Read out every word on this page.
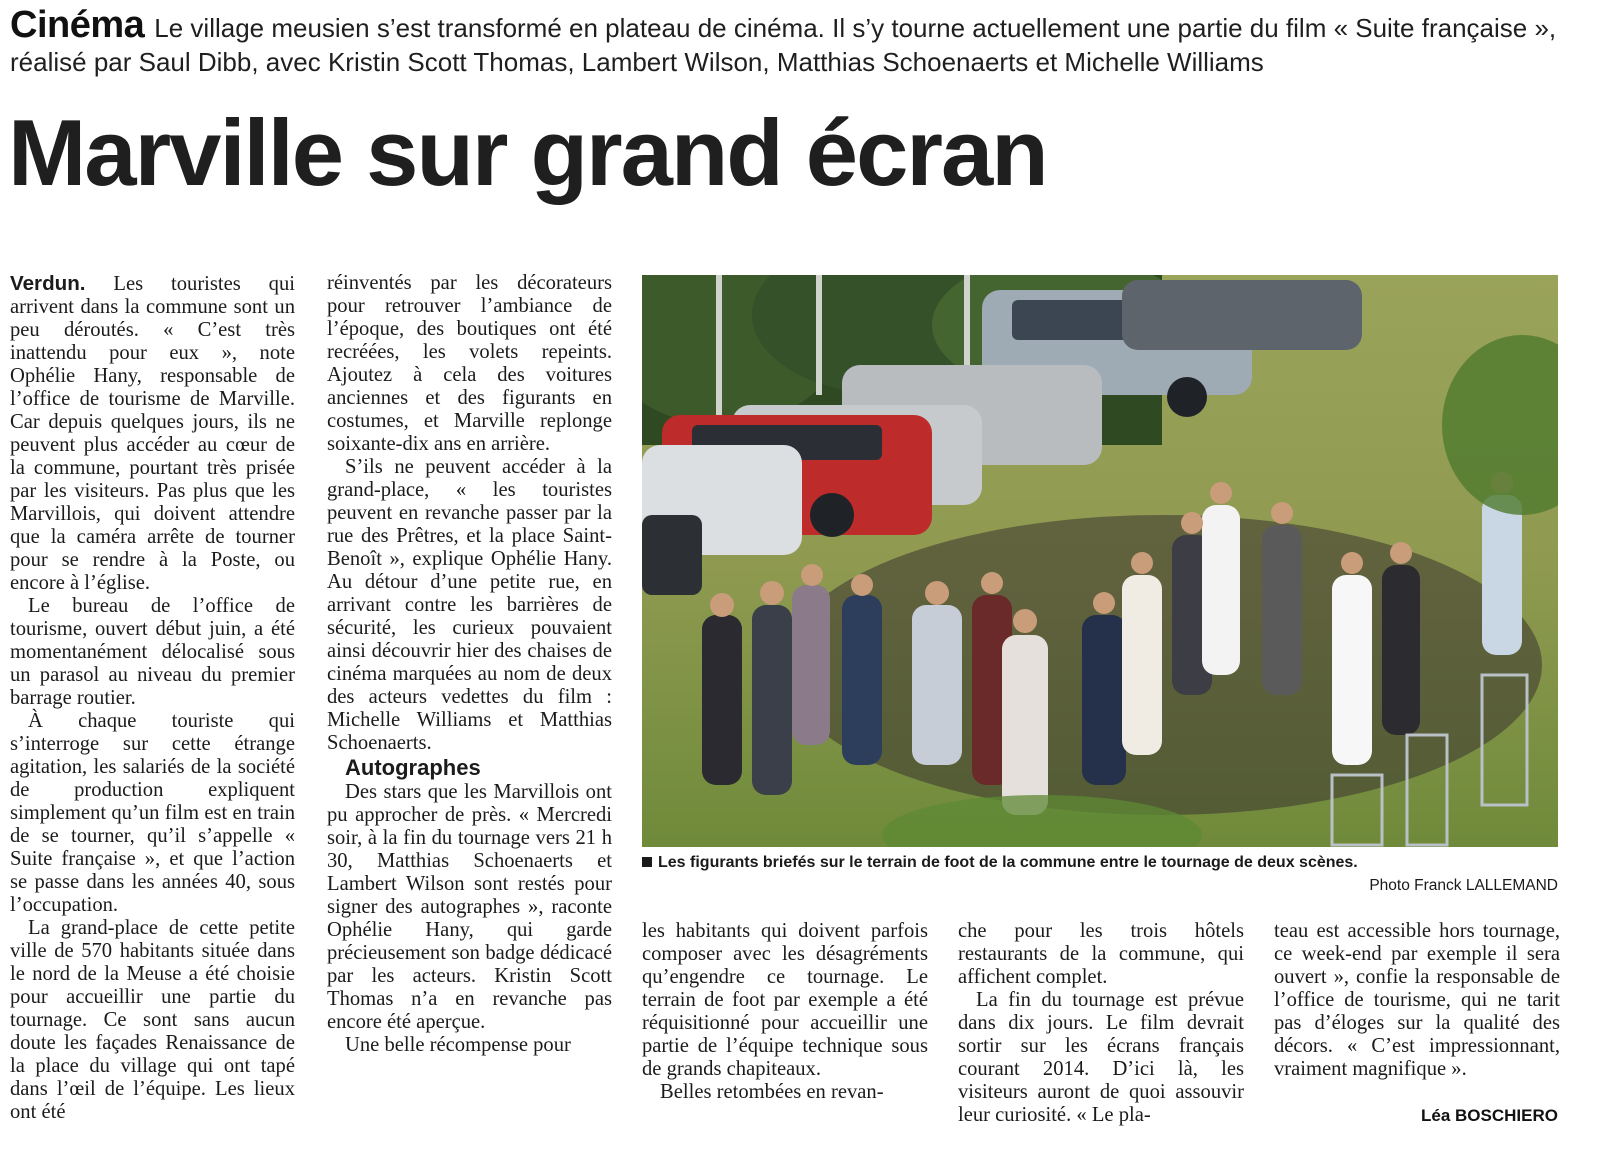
Cinéma Le village meusien s’est transformé en plateau de cinéma. Il s’y tourne actuellement une partie du film « Suite française », réalisé par Saul Dibb, avec Kristin Scott Thomas, Lambert Wilson, Matthias Schoenaerts et Michelle Williams
Marville sur grand écran

Verdun. Les touristes qui arrivent dans la commune sont un peu déroutés. « C’est très inattendu pour eux », note Ophélie Hany, responsable de l’office de tourisme de Marville. Car depuis quelques jours, ils ne peuvent plus accéder au cœur de la commune, pourtant très prisée par les visiteurs. Pas plus que les Marvillois, qui doivent attendre que la caméra arrête de tourner pour se rendre à la Poste, ou encore à l’église.

Le bureau de l’office de tourisme, ouvert début juin, a été momentanément délocalisé sous un parasol au niveau du premier barrage routier.

À chaque touriste qui s’interroge sur cette étrange agitation, les salariés de la société de production expliquent simplement qu’un film est en train de se tourner, qu’il s’appelle « Suite française », et que l’action se passe dans les années 40, sous l’occupation.

La grand-place de cette petite ville de 570 habitants située dans le nord de la Meuse a été choisie pour accueillir une partie du tournage. Ce sont sans aucun doute les façades Renaissance de la place du village qui ont tapé dans l’œil de l’équipe. Les lieux ont été

réinventés par les décorateurs pour retrouver l’ambiance de l’époque, des boutiques ont été recréées, les volets repeints. Ajoutez à cela des voitures anciennes et des figurants en costumes, et Marville replonge soixante-dix ans en arrière.

S’ils ne peuvent accéder à la grand-place, « les touristes peuvent en revanche passer par la rue des Prêtres, et la place Saint-Benoît », explique Ophélie Hany. Au détour d’une petite rue, en arrivant contre les barrières de sécurité, les curieux pouvaient ainsi découvrir hier des chaises de cinéma marquées au nom de deux des acteurs vedettes du film : Michelle Williams et Matthias Schoenaerts.

Autographes

Des stars que les Marvillois ont pu approcher de près. « Mercredi soir, à la fin du tournage vers 21 h 30, Matthias Schoenaerts et Lambert Wilson sont restés pour signer des autographes », raconte Ophélie Hany, qui garde précieusement son badge dédicacé par les acteurs. Kristin Scott Thomas n’a en revanche pas encore été aperçue.

Une belle récompense pour

Les figurants briefés sur le terrain de foot de la commune entre le tournage de deux scènes.
Photo Franck LALLEMAND

les habitants qui doivent parfois composer avec les désagréments qu’engendre ce tournage. Le terrain de foot par exemple a été réquisitionné pour accueillir une partie de l’équipe technique sous de grands chapiteaux.

Belles retombées en revan-

che pour les trois hôtels restaurants de la commune, qui affichent complet.

La fin du tournage est prévue dans dix jours. Le film devrait sortir sur les écrans français courant 2014. D’ici là, les visiteurs auront de quoi assouvir leur curiosité. « Le pla-

teau est accessible hors tournage, ce week-end par exemple il sera ouvert », confie la responsable de l’office de tourisme, qui ne tarit pas d’éloges sur la qualité des décors. « C’est impressionnant, vraiment magnifique ».

Léa BOSCHIERO
